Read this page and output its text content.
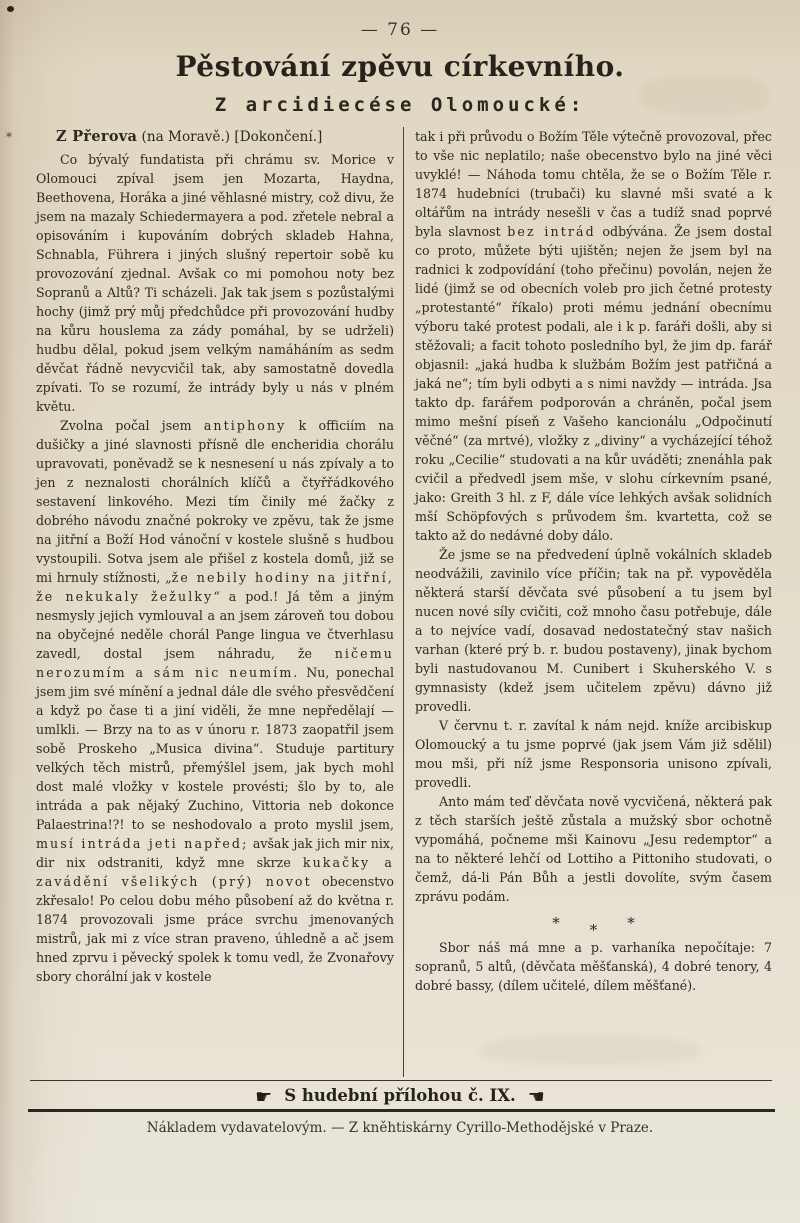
— 76 —
Pěstování zpěvu církevního.
Z arcidiecése Olomoucké:

*	Z Přerova (na Moravě.) [Dokončení.]

Co bývalý fundatista při chrámu sv. Morice v Olomouci zpíval jsem jen Mozarta, Haydna, Beethovena, Horáka a jiné věhlasné mistry, což divu, že jsem na mazaly Schiedermayera a pod. zřetele nebral a opisováním i kupováním dobrých skladeb Hahna, Schnabla, Führera i jiných slušný repertoir sobě ku provozování zjednal. Avšak co mi pomohou noty bez Sopranů a Altů? Ti scházeli. Jak tak jsem s pozůstalými hochy (jimž prý můj předchůdce při provozování hudby na kůru houslema za zády pomáhal, by se udrželi) hudbu dělal, pokud jsem velkým namáháním as sedm děvčat řádně nevycvičil tak, aby samostatně dovedla zpívati. To se rozumí, že intrády byly u nás v plném květu.

Zvolna počal jsem antiphony k officiím na dušičky a jiné slavnosti přísně dle encheridia chorálu upravovati, poněvadž se k nesnesení u nás zpívaly a to jen z neznalosti chorálních klíčů a čtyřřádkového sestavení linkového. Mezi tím činily mé žačky z dobrého návodu značné pokroky ve zpěvu, tak že jsme na jitřní a Boží Hod vánoční v kostele slušně s hudbou vystoupili. Sotva jsem ale přišel z kostela domů, již se mi hrnuly stížnosti, „že nebily hodiny na jitřní, že nekukaly žežulky“ a pod.! Já těm a jiným nesmysly jejich vymlouval a an jsem zároveň tou dobou na obyčejné neděle chorál Pange lingua ve čtverhlasu zavedl, dostal jsem náhradu, že ničemu nerozumím a sám nic neumím. Nu, ponechal jsem jim své mínění a jednal dále dle svého přesvědčení a když po čase ti a jiní viděli, že mne nepředělají — umlkli. — Brzy na to as v únoru r. 1873 zaopatřil jsem sobě Proskeho „Musica divina“. Studuje partitury velkých těch mistrů, přemýšlel jsem, jak bych mohl dost malé vložky v kostele provésti; šlo by to, ale intráda a pak nějaký Zuchino, Vittoria neb dokonce Palaestrina!?! to se neshodovalo a proto myslil jsem, musí intráda jeti napřed; avšak jak jich mir nix, dir nix odstraniti, když mne skrze kukačky a zavádění všelikých (prý) novot obecenstvo zkřesalo! Po celou dobu mého působení až do května r. 1874 provozovali jsme práce svrchu jmenovaných mistrů, jak mi z více stran praveno, úhledně a ač jsem hned zprvu i pěvecký spolek k tomu vedl, že Zvonařovy sbory chorální jak v kostele

tak i při průvodu o Božím Těle výtečně provozoval, přec to vše nic neplatilo; naše obecenstvo bylo na jiné věci uvyklé! — Náhoda tomu chtěla, že se o Božím Těle r. 1874 hudebníci (trubači) ku slavné mši svaté a k oltářům na intrády nesešli v čas a tudíž snad poprvé byla slavnost bez intrád odbývána. Že jsem dostal co proto, můžete býti ujištěn; nejen že jsem byl na radnici k zodpovídání (toho přečinu) povolán, nejen že lidé (jimž se od obecních voleb pro jich četné protesty „protestanté“ říkalo) proti mému jednání obecnímu výboru také protest podali, ale i k p. faráři došli, aby si stěžovali; a facit tohoto posledního byl, že jim dp. farář objasnil: „jaká hudba k službám Božím jest patřičná a jaká ne“; tím byli odbyti a s nimi navždy — intráda. Jsa takto dp. farářem podporován a chráněn, počal jsem mimo mešní píseň z Vašeho kancionálu „Odpočinutí věčné“ (za mrtvé), vložky z „diviny“ a vycházející téhož roku „Cecilie“ studovati a na kůr uváděti; znenáhla pak cvičil a předvedl jsem mše, v slohu církevním psané, jako: Greith 3 hl. z F, dále více lehkých avšak solidních mší Schöpfových s průvodem šm. kvartetta, což se takto až do nedávné doby dálo.

Že jsme se na předvedení úplně vokálních skladeb neodvážili, zavinilo více příčin; tak na př. vypověděla některá starší děvčata své působení a tu jsem byl nucen nové síly cvičiti, což mnoho času potřebuje, dále a to nejvíce vadí, dosavad nedostatečný stav našich varhan (které prý b. r. budou postaveny), jinak bychom byli nastudovanou M. Cunibert i Skuherského V. s gymnasisty (kdež jsem učitelem zpěvu) dávno již provedli.

V červnu t. r. zavítal k nám nejd. kníže arcibiskup Olomoucký a tu jsme poprvé (jak jsem Vám již sdělil) mou mši, při níž jsme Responsoria unisono zpívali, provedli.

Anto mám teď děvčata nově vycvičená, některá pak z těch starších ještě zůstala a mužský sbor ochotně vypomáhá, počneme mši Kainovu „Jesu redemptor“ a na to některé lehčí od Lottiho a Pittoniho studovati, o čemž, dá-li Pán Bůh a jestli dovolíte, svým časem zprávu podám.

* * *

Sbor náš má mne a p. varhaníka nepočítaje: 7 sopranů, 5 altů, (děvčata měšťanská), 4 dobré tenory, 4 dobré bassy, (dílem učitelé, dílem měšťané).

☛ S hudební přílohou č. IX. ☚
Nákladem vydavatelovým. — Z kněhtiskárny Cyrillo-Methodějské v Praze.
